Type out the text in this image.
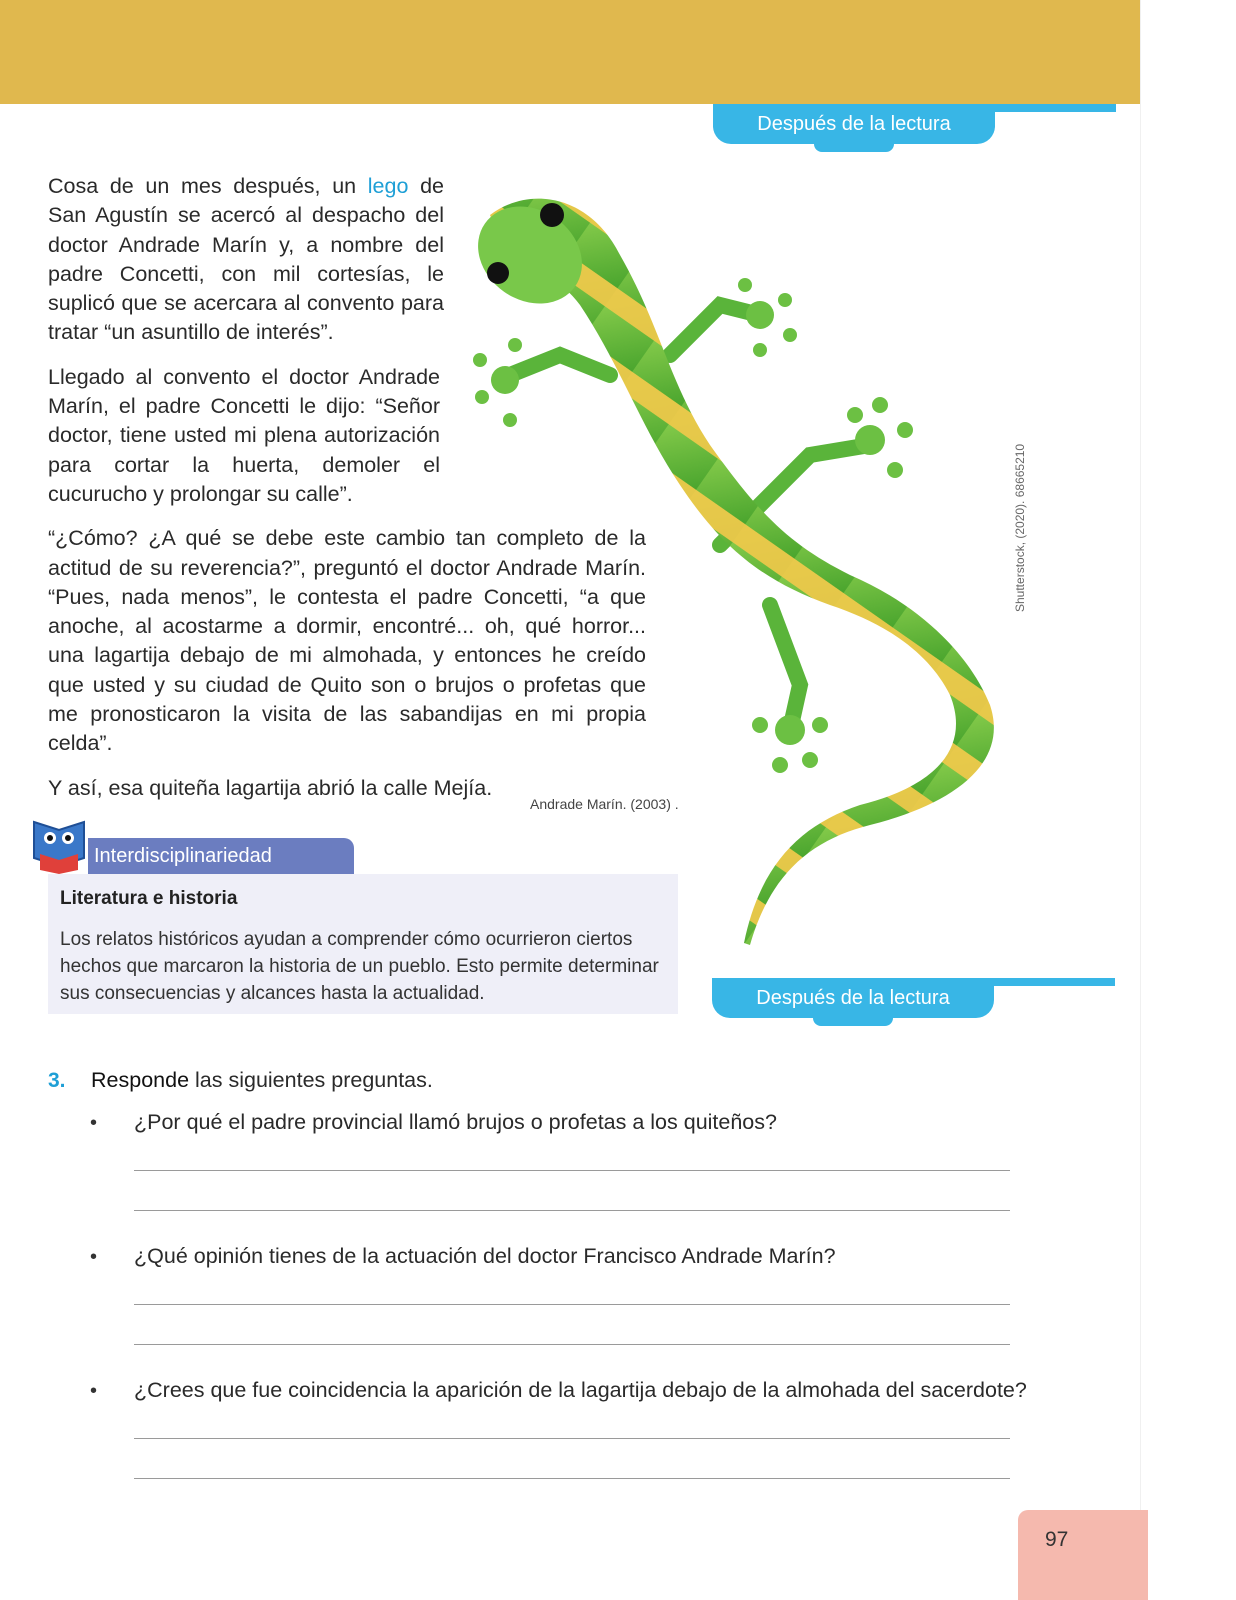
Después de la lectura

Cosa de un mes después, un lego de San Agustín se acercó al despacho del doctor Andrade Marín y, a nombre del padre Concetti, con mil cortesías, le suplicó que se acercara al convento para tratar “un asuntillo de interés”.

Llegado al convento el doctor Andrade Marín, el padre Concetti le dijo: “Señor doctor, tiene usted mi plena autorización para cortar la huerta, demoler el cucurucho y prolongar su calle”.

“¿Cómo? ¿A qué se debe este cambio tan completo de la actitud de su reverencia?”, preguntó el doctor Andrade Marín. “Pues, nada menos”, le contesta el padre Concetti, “a que anoche, al acostarme a dormir, encontré... oh, qué horror... una lagartija debajo de mi almohada, y entonces he creído que usted y su ciudad de Quito son o brujos o profetas que me pronosticaron la visita de las sabandijas en mi propia celda”.

Y así, esa quiteña lagartija abrió la calle Mejía.

Andrade Marín. (2003) .
Shutterstock, (2020). 68665210
Interdisciplinariedad
Literatura e historia
Los relatos históricos ayudan a comprender cómo ocurrieron ciertos hechos que marcaron la historia de un pueblo. Esto permite determinar sus consecuencias y alcances hasta la actualidad.	Después de la lectura
3. Responde las siguientes preguntas.
• ¿Por qué el padre provincial llamó brujos o profetas a los quiteños?
• ¿Qué opinión tienes de la actuación del doctor Francisco Andrade Marín?
• ¿Crees que fue coincidencia la aparición de la lagartija debajo de la almohada del sacerdote?
97
